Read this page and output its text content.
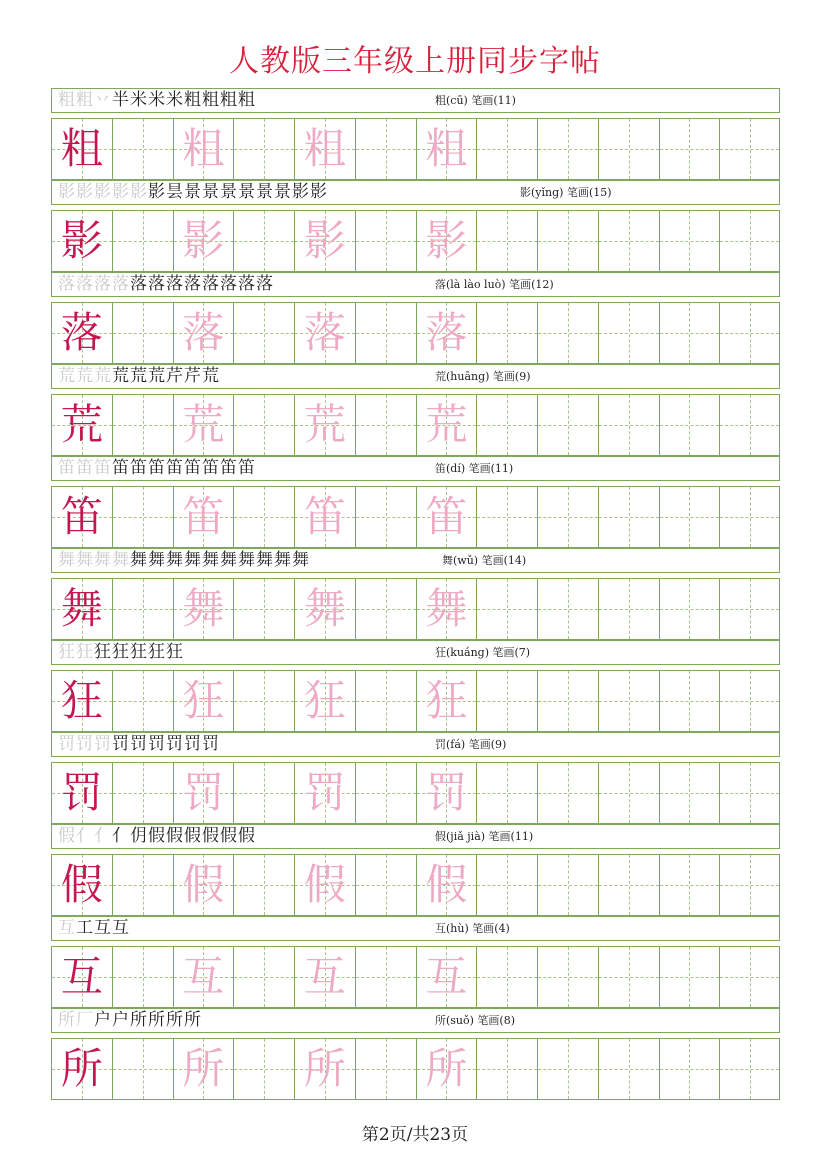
人教版三年级上册同步字帖
粗粗丷半米米米粗粗粗粗	粗(cū) 笔画(11)
粗 粗 粗 粗
影影影影影影昙景景景景景景影影	影(yǐng) 笔画(15)
影 影 影 影
落落落落落落落落落落落落	落(là lào luò) 笔画(12)
落 落 落 落
荒荒荒荒荒荒芹芹荒	荒(huāng) 笔画(9)
荒 荒 荒 荒
笛笛笛笛笛笛笛笛笛笛笛	笛(dí) 笔画(11)
笛 笛 笛 笛
舞舞舞舞舞舞舞舞舞舞舞舞舞舞	舞(wǔ) 笔画(14)
舞 舞 舞 舞
狂狂狂狂狂狂狂	狂(kuáng) 笔画(7)
狂 狂 狂 狂
罚罚罚罚罚罚罚罚罚	罚(fá) 笔画(9)
罚 罚 罚 罚
假亻亻亻仴假假假假假假	假(jiǎ jià) 笔画(11)
假 假 假 假
互工互互	互(hù) 笔画(4)
互 互 互 互
所厂户户所所所所	所(suǒ) 笔画(8)
所 所 所 所
第2页/共23页
